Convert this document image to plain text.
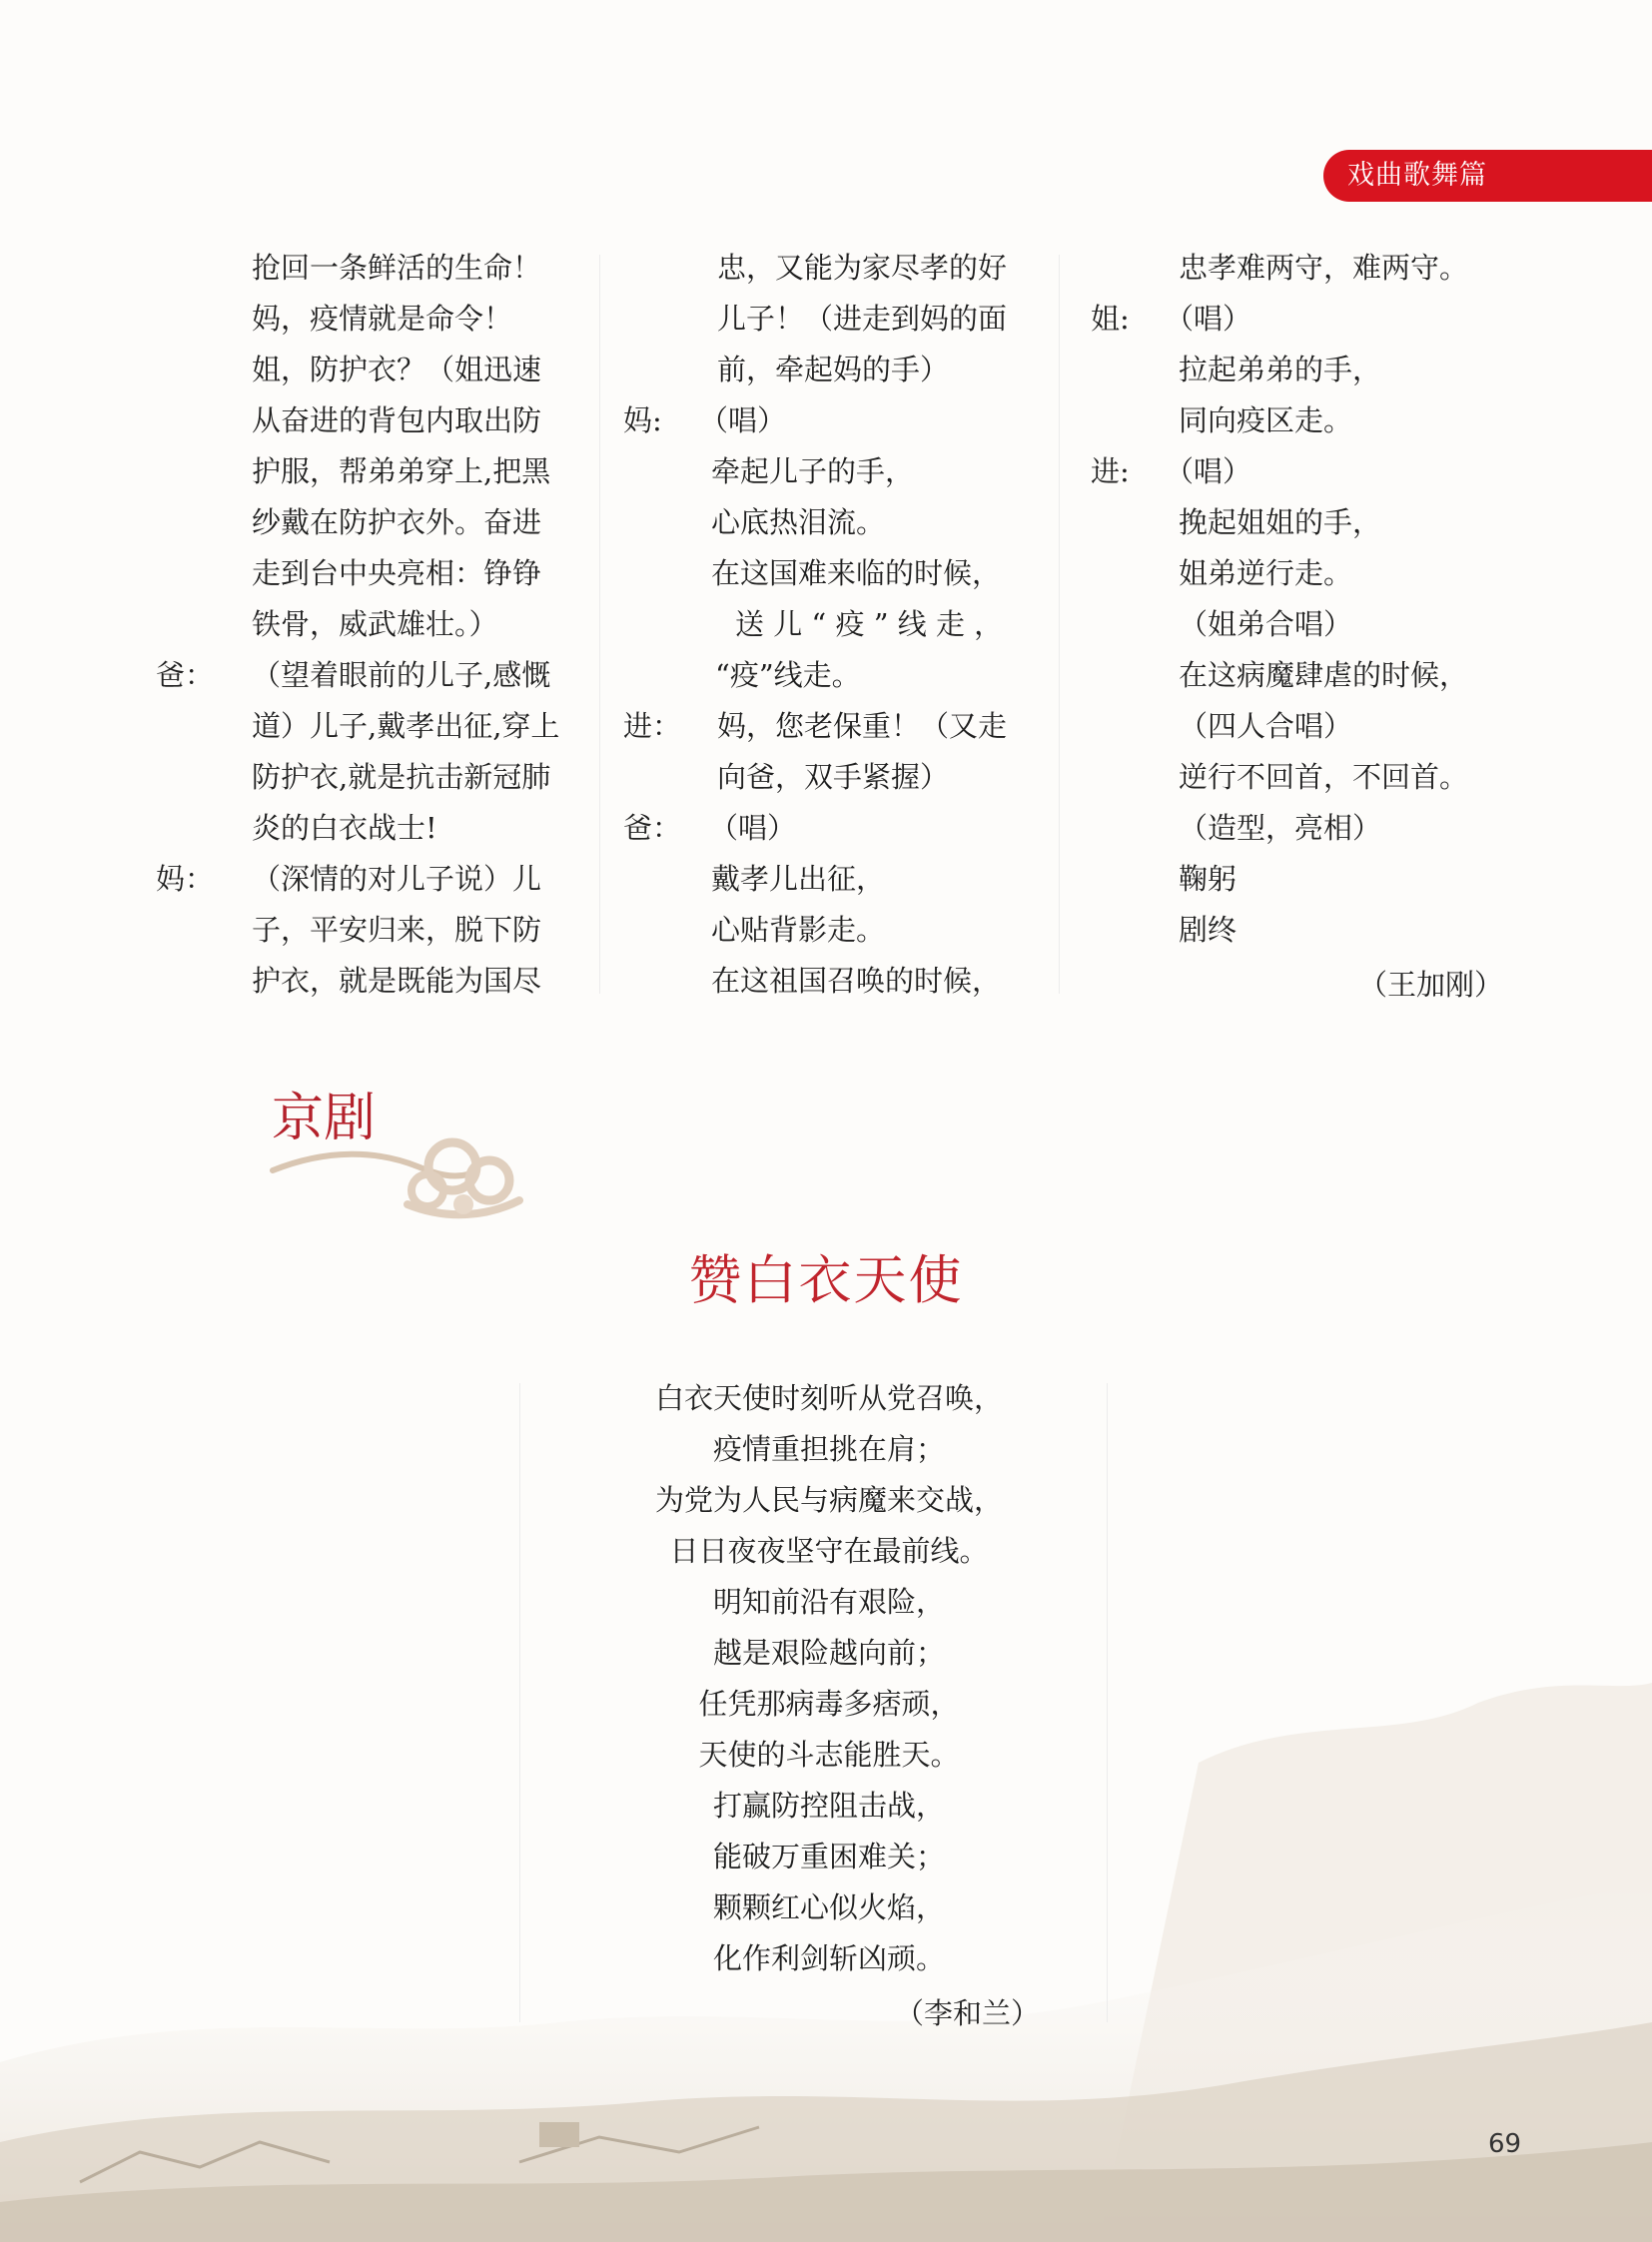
戏曲歌舞篇
抢回一条鲜活的生命！
妈，疫情就是命令！
姐，防护衣？（姐迅速
从奋进的背包内取出防
护服，帮弟弟穿上,把黑
纱戴在防护衣外。奋进
走到台中央亮相：铮铮
铁骨，威武雄壮。）
爸： （望着眼前的儿子,感慨
道）儿子,戴孝出征,穿上
防护衣,就是抗击新冠肺
炎的白衣战士!
妈： （深情的对儿子说）儿
子，平安归来，脱下防
护衣，就是既能为国尽
忠，又能为家尽孝的好
儿子！（进走到妈的面
前，牵起妈的手）
妈: （唱）
牵起儿子的手，
心底热泪流。
在这国难来临的时候，
送 儿 “ 疫 ” 线 走 ，
“疫”线走。
进： 妈，您老保重！（又走
向爸，双手紧握）
爸： （唱）
戴孝儿出征，
心贴背影走。
在这祖国召唤的时候，
忠孝难两守，难两守。
姐: （唱）
拉起弟弟的手，
同向疫区走。
进: （唱）
挽起姐姐的手，
姐弟逆行走。
（姐弟合唱）
在这病魔肆虐的时候，
（四人合唱）
逆行不回首，不回首。
（造型，亮相）
鞠躬
剧终
（王加刚）
京剧
赞白衣天使
白衣天使时刻听从党召唤，
疫情重担挑在肩；
为党为人民与病魔来交战，
日日夜夜坚守在最前线。
明知前沿有艰险，
越是艰险越向前；
任凭那病毒多痞顽，
天使的斗志能胜天。
打赢防控阻击战，
能破万重困难关；
颗颗红心似火焰，
化作利剑斩凶顽。
（李和兰）
69
